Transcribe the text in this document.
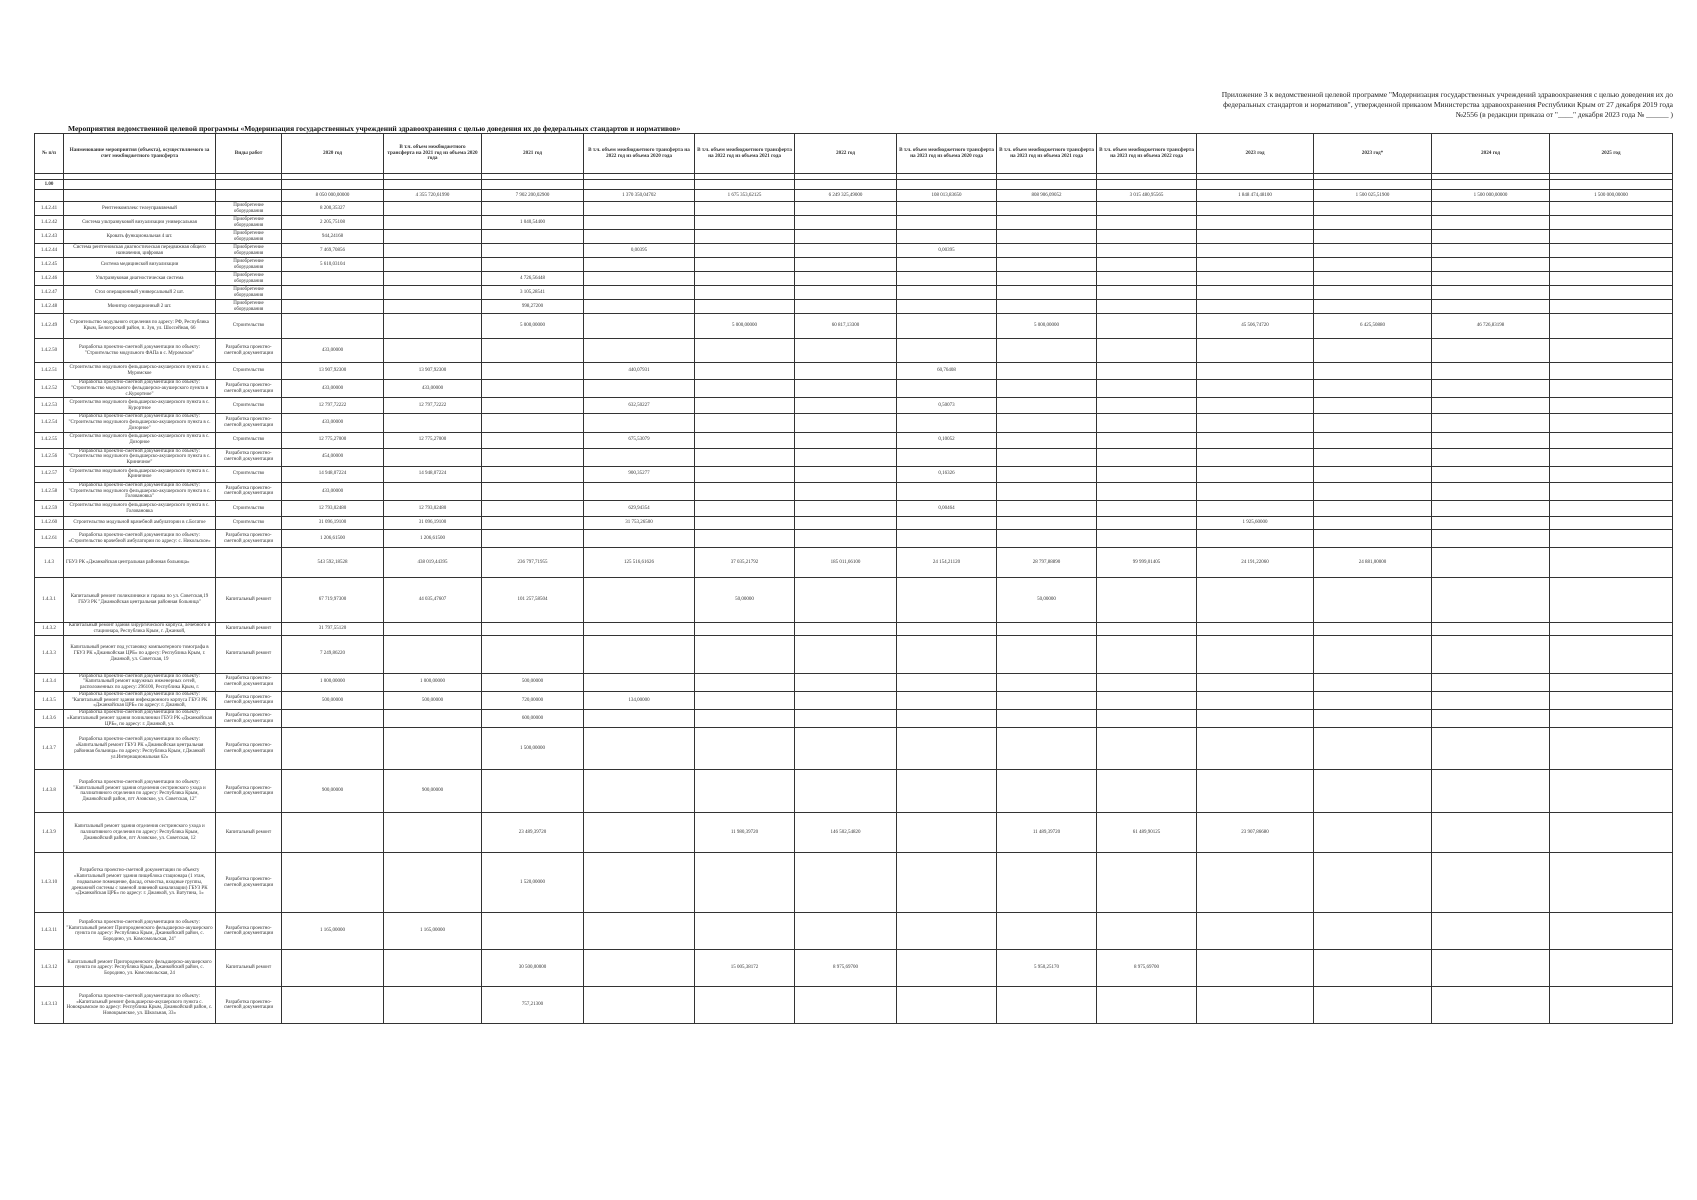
Приложение 3 к ведомственной целевой программе "Модернизация государственных учреждений здравоохранения с целью доведения их до федеральных стандартов и нормативов", утвержденной приказом Министерства здравоохранения Республики Крым от 27 декабря 2019 года №2556 (в редакции приказа от "____" декабря 2023 года № ______ )
Мероприятия ведомственной целевой программы «Модернизация государственных учреждений здравоохранения с целью доведения их до федеральных стандартов и нормативов»
№ п/п	Наименование мероприятия (объекта), осуществляемого за счет межбюджетного трансферта	Виды работ	2020 год	В т.ч. объем межбюджетного трансферта на 2021 год из объема 2020 года	2021 год	В т.ч. объем межбюджетного трансферта на 2022 год из объема 2020 года	В т.ч. объем межбюджетного трансферта на 2022 год из объема 2021 года	2022 год	В т.ч. объем межбюджетного трансферта на 2023 год из объема 2020 года	В т.ч. объем межбюджетного трансферта на 2023 год из объема 2021 года	В т.ч. объем межбюджетного трансферта на 2023 год из объема 2022 года	2023 год	2023 год*	2024 год	2025 год

1.00															
			8 050 000,00000	4 355 720,61990	7 902 200,02900	1 370 350,04702	1 675 353,62125	6 249 325,49000	108 013,83650	808 906,09052	3 015 480,95565	1 848 474,48100	1 500 025,51900	1 500 000,00000	1 500 000,00000
1.4.2.41	Рентгенкомплекс телеуправляемый	Приобретение оборудования	8 200,35327												
1.4.2.42	Система ультразвуковой визуализации универсальная	Приобретение оборудования	2 205,75108		1 040,54400										
1.4.2.43	Кровать функциональная 4 шт.	Приобретение оборудования	944,24168												
1.4.2.44	Система рентгеновская диагностическая передвижная общего назначения, цифровая	Приобретение оборудования	7 469,70856			0,00395			0,00395						
1.4.2.45	Система медицинской визуализации	Приобретение оборудования	5 610,03104												
1.4.2.46	Ультразвуковая диагностическая система	Приобретение оборудования			4 726,56448										
1.4.2.47	Стол операционный универсальный 2 шт.	Приобретение оборудования			3 105,28541										
1.4.2.48	Монитор операционный 2 шт.	Приобретение оборудования			998,27200										
1.4.2.49	Строительство модульного отделения по адресу: РФ, Республика Крым, Белогорский район, п. Зуя, ул. Шоссейная, 66	Строительство			5 000,00000		5 000,00000	60 817,13300		5 000,00000		45 506,74720	6 425,50880	46 726,83198	
1.4.2.50	Разработка проектно-сметной документации по объекту: "Строительство модульного ФАПа в с. Муромское"	Разработка проектно-сметной документации	433,00000												
1.4.2.51	Строительство модульного фельдшерско-акушерского пункта в с. Муромское	Строительство	13 907,92300	13 907,92300		440,07931			60,76408						
1.4.2.52	Разработка проектно-сметной документации по объекту: "Строительство модульного фельдшерско-акушерского пункта в с.Курортное"	Разработка проектно-сметной документации	433,00000	433,00000											
1.4.2.53	Строительство модульного фельдшерско-акушерского пункта в с. Курортное	Строительство	12 797,72222	12 797,72222		632,50227			0,50073						
1.4.2.54	Разработка проектно-сметной документации по объекту: "Строительство модульного фельдшерско-акушерского пункта в с. Дозорное"	Разработка проектно-сметной документации	433,00000												
1.4.2.55	Строительство модульного фельдшерско-акушерского пункта в с. Дозорное	Строительство	12 775,27000	12 775,27000		675,53079			0,10052						
1.4.2.56	Разработка проектно-сметной документации по объекту: "Строительство модульного фельдшерско-акушерского пункта в с. Криничное"	Разработка проектно-сметной документации	454,00000												
1.4.2.57	Строительство модульного фельдшерско-акушерского пункта в с. Криничное	Строительство	14 948,07224	14 948,07224		900,35277			0,16326						
1.4.2.58	Разработка проектно-сметной документации по объекту: "Строительство модульного фельдшерско-акушерского пункта в с. Головановка"	Разработка проектно-сметной документации	433,00000												
1.4.2.59	Строительство модульного фельдшерско-акушерского пункта в с. Головановка	Строительство	12 793,02480	12 793,02480		629,94354			0,00464						
1.4.2.60	Строительство модульной врачебной амбулатории в с.Богатое	Строительство	31 096,19100	31 096,19100		31 753,26500						1 925,60000			
1.4.2.61	Разработка проектно-сметной документации по объекту: «Строительство врачебной амбулатории по адресу: с. Никольское»	Разработка проектно-сметной документации	1 206,61500	1 206,61500											
1.4.3	ГБУЗ РК «Джанкойская центральная районная больница»		543 592,18528	438 019,44395	236 797,71955	125 516,61626	37 035,21792	185 011,66100	24 154,21120	28 797,88890	99 999,01405	24 191,22060	24 881,00000		
1.4.3.1	Капитальный ремонт поликлиники и гаража по ул. Советская,19 ГБУЗ РК "Джанкойская центральная районная больница"	Капитальный ремонт	67 719,97300	44 035,47607	101 257,58504		50,00000			50,00000					
1.4.3.2	Капитальный ремонт здания хирургического корпуса, лечебного и стационара, Республика Крым, г. Джанкой,	Капитальный ремонт	31 797,55120												
1.4.3.3	Капитальный ремонт под установку компьютерного томографа в ГБУЗ РК «Джанкойская ЦРБ» по адресу: Республика Крым, г. Джанкой, ул. Советская, 19	Капитальный ремонт	7 249,86220												
1.4.3.4	Разработка проектно-сметной документации по объекту: "Капитальный ремонт наружных инженерных сетей, расположенных по адресу: 296100, Республика Крым, г.	Разработка проектно-сметной документации	1 000,00000	1 000,00000	500,00000										
1.4.3.5	Разработка проектно-сметной документации по объекту: "Капитальный ремонт здания инфекционного корпуса ГБУЗ РК «Джанкойская ЦРБ» по адресу: г. Джанкой,	Разработка проектно-сметной документации	500,00000	500,00000	720,00000	134,00000									
1.4.3.6	Разработка проектно-сметной документации по объекту: «Капитальный ремонт здания поликлиники ГБУЗ РК «Джанкойская ЦРБ», по адресу: г. Джанкой, ул.	Разработка проектно-сметной документации			600,00000										
1.4.3.7	Разработка проектно-сметной документации по объекту: «Капитальный ремонт ГБУЗ РК «Джанкойская центральная районная больница» по адресу: Республика Крым, г.Джанкой ул.Интернациональная 62»	Разработка проектно-сметной документации			1 500,00000										
1.4.3.8	Разработка проектно-сметной документации по объекту: "Капитальный ремонт здания отделения сестринского ухода и паллиативного отделения по адресу: Республика Крым, Джанкойский район, пгт Азовское, ул. Советская, 12"	Разработка проектно-сметной документации	900,00000	900,00000											
1.4.3.9	Капитальный ремонт здания отделения сестринского ухода и паллиативного отделения по адресу: Республика Крым, Джанкойский район, пгт Азовское, ул. Советская, 12	Капитальный ремонт			23 489,39720		11 980,39720	146 502,54820		11 489,39720	61 489,90125	23 907,86680			
1.4.3.10	Разработка проектно-сметной документации по объекту «Капитальный ремонт здания пищеблока стационара (1 этаж, подвальное помещение, фасад, отмостка, входные группы, дренажной системы с заменой ливневой канализации) ГБУЗ РК «Джанкойская ЦРБ» по адресу: г. Джанкой, ул. Ватутина, 1»	Разработка проектно-сметной документации			1 520,00000										
1.4.3.11	Разработка проектно-сметной документации по объекту: "Капитальный ремонт Пригородненского фельдшерско-акушерского пункта по адресу: Республика Крым, Джанкойский район, с. Бородино, ул. Комсомольская, 24"	Разработка проектно-сметной документации	1 165,00000	1 165,00000											
1.4.3.12	Капитальный ремонт Пригородненского фельдшерско-акушерского пункта по адресу: Республика Крым, Джанкойский район, с. Бородино, ул. Комсомольская, 24	Капитальный ремонт			30 500,00000		15 005,38172	8 975,69700		5 950,25170	8 975,69700				
1.4.3.13	Разработка проектно-сметной документации по объекту: «Капитальный ремонт фельдшерско-акушерского пункта с. Новокрымское по адресу: Республика Крым, Джанкойский район, с. Новокрымское, ул. Школьная, 33»	Разработка проектно-сметной документации			757,21300										
